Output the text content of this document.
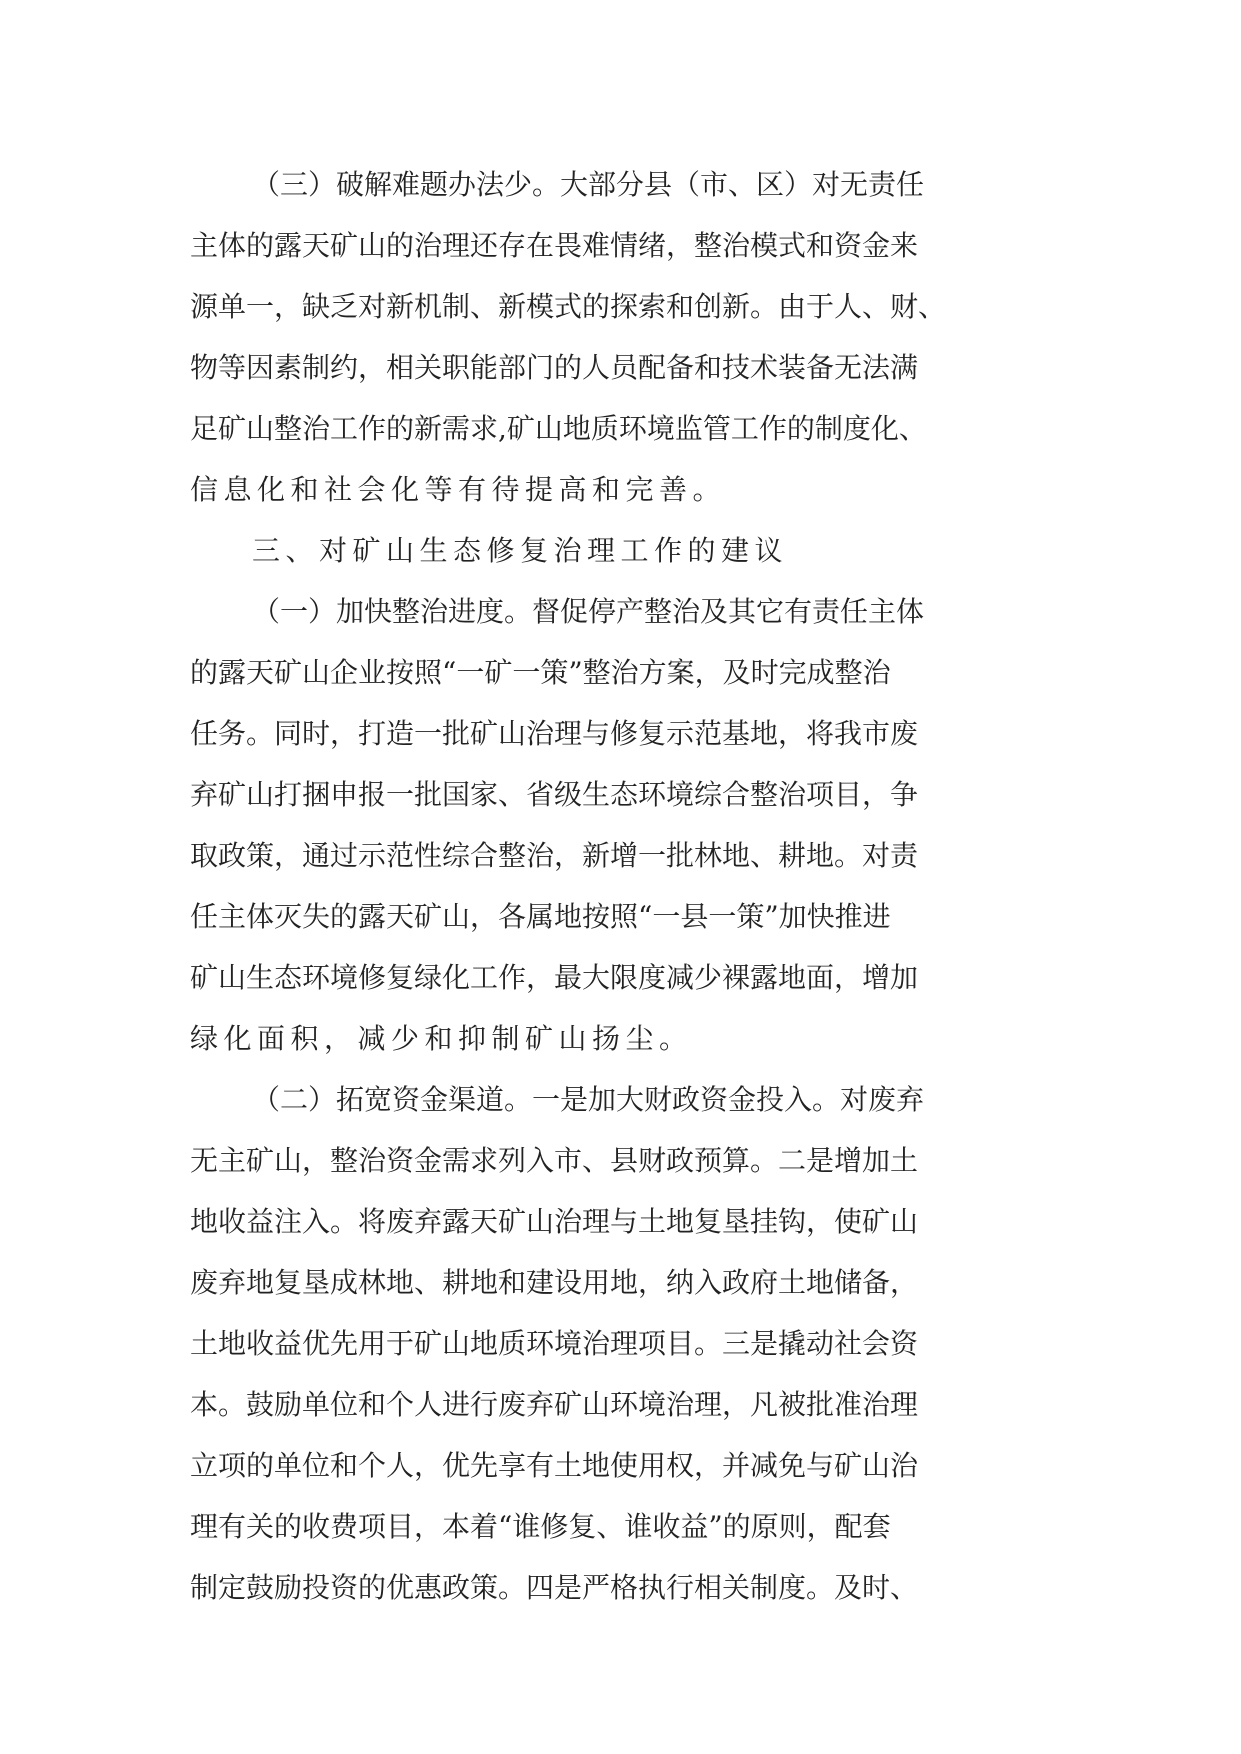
（三）破解难题办法少。大部分县（市、区）对无责任
主体的露天矿山的治理还存在畏难情绪，整治模式和资金来
源单一，缺乏对新机制、新模式的探索和创新。由于人、财、
物等因素制约，相关职能部门的人员配备和技术装备无法满
足矿山整治工作的新需求,矿山地质环境监管工作的制度化、
信息化和社会化等有待提高和完善。
三、对矿山生态修复治理工作的建议
（一）加快整治进度。督促停产整治及其它有责任主体
的露天矿山企业按照“一矿一策”整治方案，及时完成整治
任务。同时，打造一批矿山治理与修复示范基地，将我市废
弃矿山打捆申报一批国家、省级生态环境综合整治项目，争
取政策，通过示范性综合整治，新增一批林地、耕地。对责
任主体灭失的露天矿山，各属地按照“一县一策”加快推进
矿山生态环境修复绿化工作，最大限度减少裸露地面，增加
绿化面积，减少和抑制矿山扬尘。
（二）拓宽资金渠道。一是加大财政资金投入。对废弃
无主矿山，整治资金需求列入市、县财政预算。二是增加土
地收益注入。将废弃露天矿山治理与土地复垦挂钩，使矿山
废弃地复垦成林地、耕地和建设用地，纳入政府土地储备，
土地收益优先用于矿山地质环境治理项目。三是撬动社会资
本。鼓励单位和个人进行废弃矿山环境治理，凡被批准治理
立项的单位和个人，优先享有土地使用权，并减免与矿山治
理有关的收费项目，本着“谁修复、谁收益”的原则，配套
制定鼓励投资的优惠政策。四是严格执行相关制度。及时、
